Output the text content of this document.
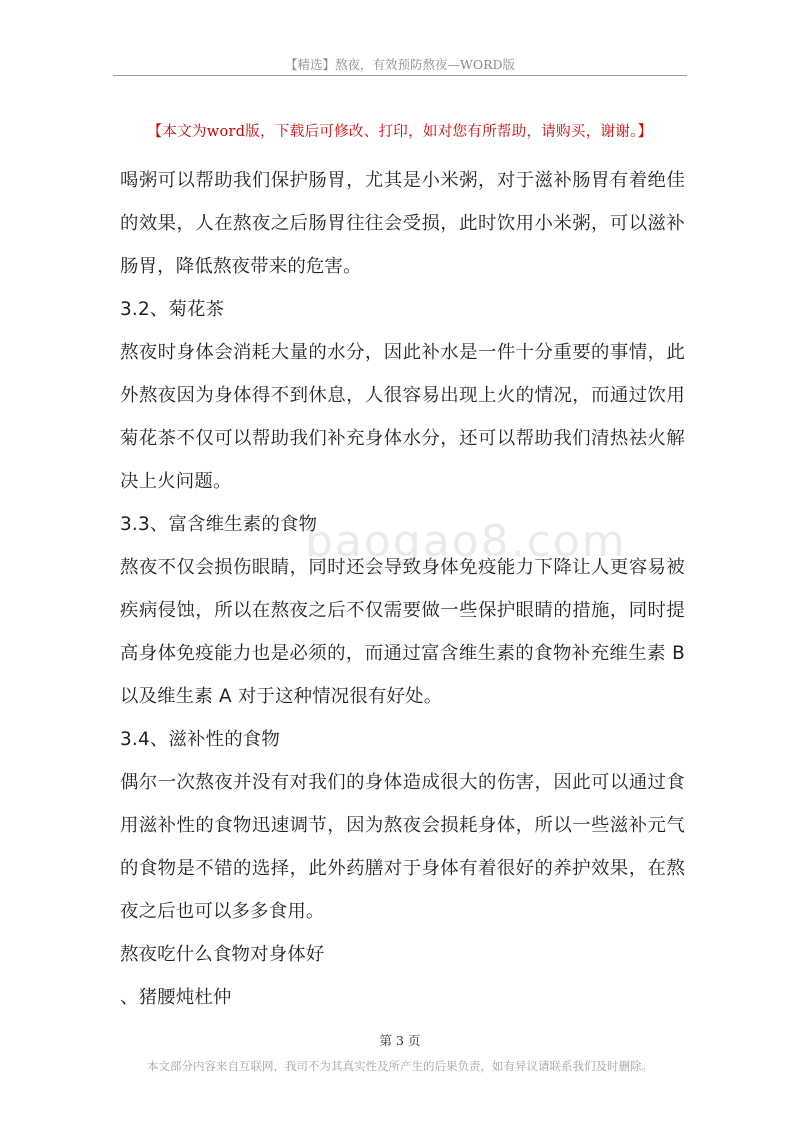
【精选】熬夜，有效预防熬夜—WORD版
【本文为word版，下载后可修改、打印，如对您有所帮助，请购买，谢谢。】
baogao8.com

喝粥可以帮助我们保护肠胃，尤其是小米粥，对于滋补肠胃有着绝佳的效果，人在熬夜之后肠胃往往会受损，此时饮用小米粥，可以滋补肠胃，降低熬夜带来的危害。

3.2、菊花茶

熬夜时身体会消耗大量的水分，因此补水是一件十分重要的事情，此外熬夜因为身体得不到休息，人很容易出现上火的情况，而通过饮用菊花茶不仅可以帮助我们补充身体水分，还可以帮助我们清热祛火解决上火问题。

3.3、富含维生素的食物

熬夜不仅会损伤眼睛，同时还会导致身体免疫能力下降让人更容易被疾病侵蚀，所以在熬夜之后不仅需要做一些保护眼睛的措施，同时提高身体免疫能力也是必须的，而通过富含维生素的食物补充维生素 B 以及维生素 A 对于这种情况很有好处。

3.4、滋补性的食物

偶尔一次熬夜并没有对我们的身体造成很大的伤害，因此可以通过食用滋补性的食物迅速调节，因为熬夜会损耗身体，所以一些滋补元气的食物是不错的选择，此外药膳对于身体有着很好的养护效果，在熬夜之后也可以多多食用。

熬夜吃什么食物对身体好

、猪腰炖杜仲

第 3 页
本文部分内容来自互联网，我司不为其真实性及所产生的后果负责，如有异议请联系我们及时删除。
